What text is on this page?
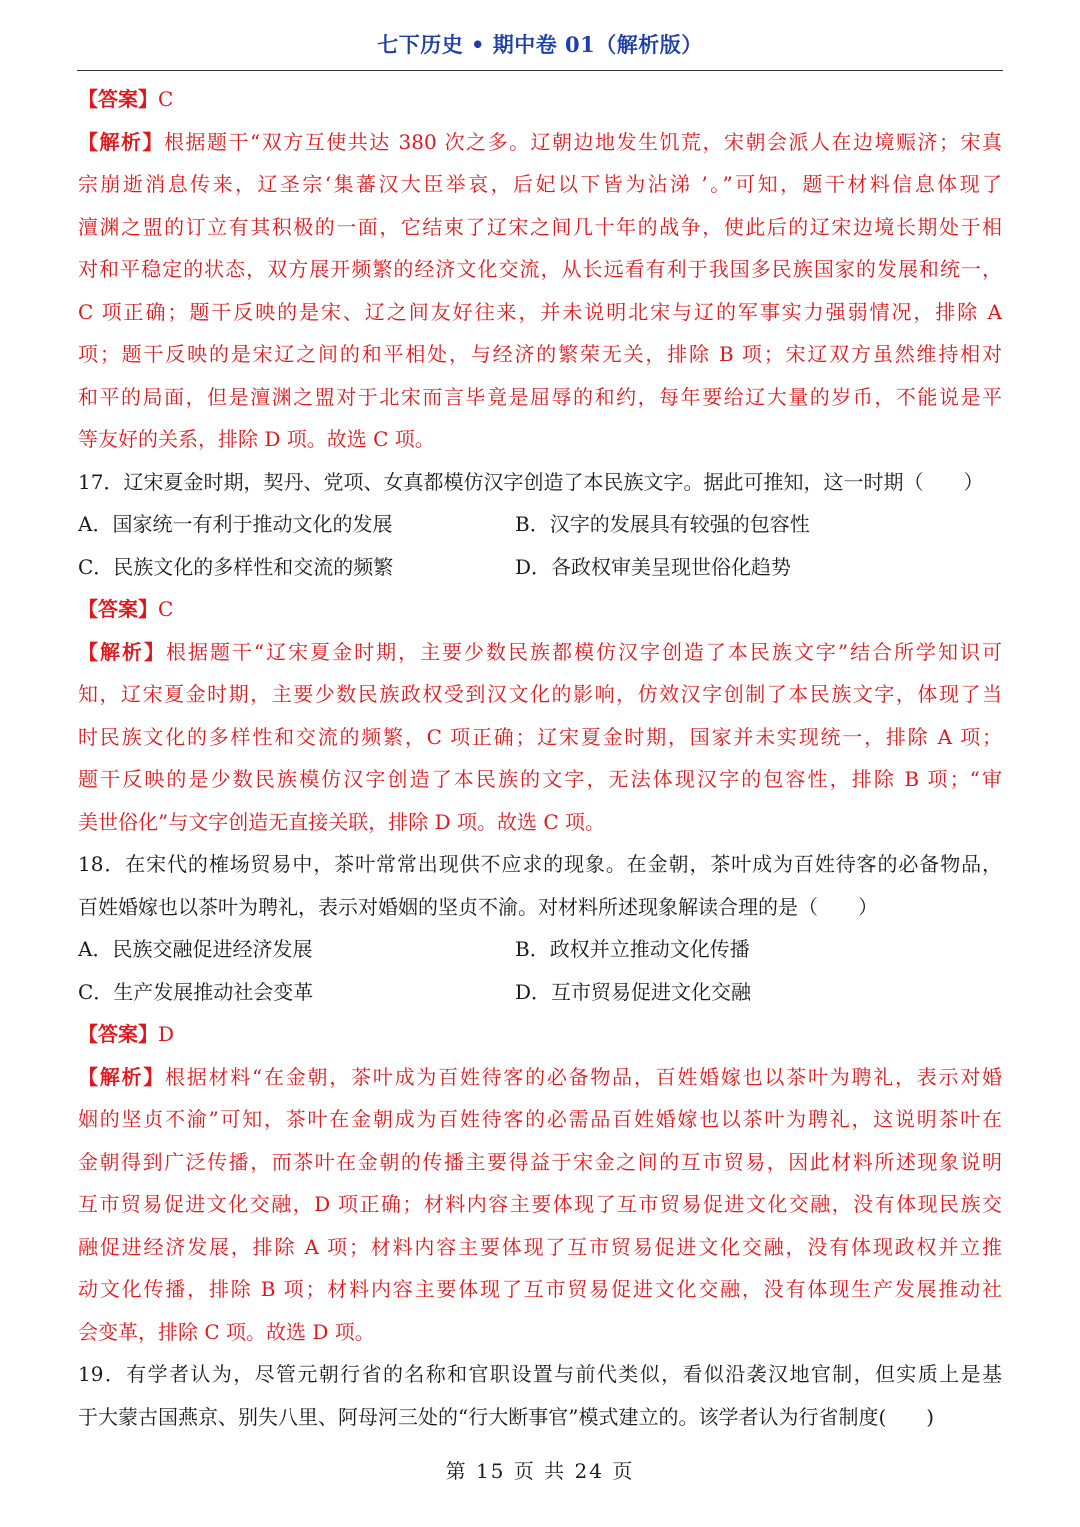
七下历史 • 期中卷 01（解析版）
【答案】C
【解析】根据题干“双方互使共达 380 次之多。辽朝边地发生饥荒，宋朝会派人在边境赈济；宋真
宗崩逝消息传来，辽圣宗‘集蕃汉大臣举哀，后妃以下皆为沾涕 ’。”可知，题干材料信息体现了
澶渊之盟的订立有其积极的一面，它结束了辽宋之间几十年的战争，使此后的辽宋边境长期处于相
对和平稳定的状态，双方展开频繁的经济文化交流，从长远看有利于我国多民族国家的发展和统一，
C 项正确；题干反映的是宋、辽之间友好往来，并未说明北宋与辽的军事实力强弱情况，排除 A
项；题干反映的是宋辽之间的和平相处，与经济的繁荣无关，排除 B 项；宋辽双方虽然维持相对
和平的局面，但是澶渊之盟对于北宋而言毕竟是屈辱的和约，每年要给辽大量的岁币，不能说是平
等友好的关系，排除 D 项。故选 C 项。
17．辽宋夏金时期，契丹、党项、女真都模仿汉字创造了本民族文字。据此可推知，这一时期（　　）
A．国家统一有利于推动文化的发展	B．汉字的发展具有较强的包容性
C．民族文化的多样性和交流的频繁	D．各政权审美呈现世俗化趋势
【答案】C
【解析】根据题干“辽宋夏金时期，主要少数民族都模仿汉字创造了本民族文字”结合所学知识可
知，辽宋夏金时期，主要少数民族政权受到汉文化的影响，仿效汉字创制了本民族文字，体现了当
时民族文化的多样性和交流的频繁，C 项正确；辽宋夏金时期，国家并未实现统一，排除 A 项；
题干反映的是少数民族模仿汉字创造了本民族的文字，无法体现汉字的包容性，排除 B 项；“审
美世俗化”与文字创造无直接关联，排除 D 项。故选 C 项。
18．在宋代的榷场贸易中，茶叶常常出现供不应求的现象。在金朝，茶叶成为百姓待客的必备物品，
百姓婚嫁也以茶叶为聘礼，表示对婚姻的坚贞不渝。对材料所述现象解读合理的是（　　）
A．民族交融促进经济发展	B．政权并立推动文化传播
C．生产发展推动社会变革	D．互市贸易促进文化交融
【答案】D
【解析】根据材料“在金朝，茶叶成为百姓待客的必备物品，百姓婚嫁也以茶叶为聘礼，表示对婚
姻的坚贞不渝”可知，茶叶在金朝成为百姓待客的必需品百姓婚嫁也以茶叶为聘礼，这说明茶叶在
金朝得到广泛传播，而茶叶在金朝的传播主要得益于宋金之间的互市贸易，因此材料所述现象说明
互市贸易促进文化交融，D 项正确；材料内容主要体现了互市贸易促进文化交融，没有体现民族交
融促进经济发展，排除 A 项；材料内容主要体现了互市贸易促进文化交融，没有体现政权并立推
动文化传播，排除 B 项；材料内容主要体现了互市贸易促进文化交融，没有体现生产发展推动社
会变革，排除 C 项。故选 D 项。
19．有学者认为，尽管元朝行省的名称和官职设置与前代类似，看似沿袭汉地官制，但实质上是基
于大蒙古国燕京、别失八里、阿母河三处的“行大断事官”模式建立的。该学者认为行省制度(　　)
第 15 页 共 24 页
